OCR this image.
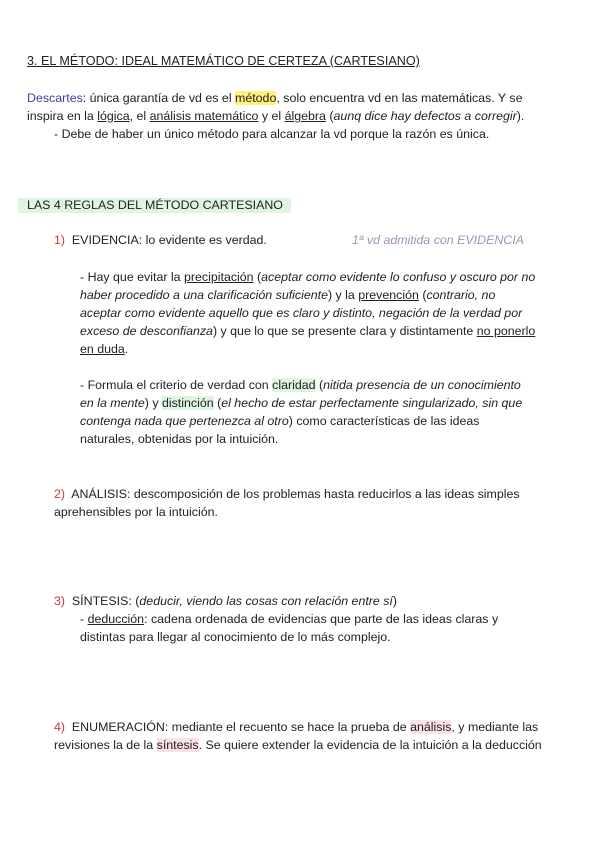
3. EL MÉTODO: IDEAL MATEMÁTICO DE CERTEZA (CARTESIANO)
Descartes: única garantía de vd es el método, solo encuentra vd en las matemáticas. Y se
inspira en la lógica, el análisis matemático y el álgebra (aunq dice hay defectos a corregir).
- Debe de haber un único método para alcanzar la vd porque la razón es única.
LAS 4 REGLAS DEL MÉTODO CARTESIANO
1) EVIDENCIA: lo evidente es verdad.	1ª vd admitida con EVIDENCIA
- Hay que evitar la precipitación (aceptar como evidente lo confuso y oscuro por no
haber procedido a una clarificación suficiente) y la prevención (contrario, no
aceptar como evidente aquello que es claro y distinto, negación de la verdad por
exceso de desconfianza) y que lo que se presente clara y distintamente no ponerlo
en duda.
- Formula el criterio de verdad con claridad (nitida presencia de un conocimiento
en la mente) y distinción (el hecho de estar perfectamente singularizado, sin que
contenga nada que pertenezca al otro) como características de las ideas
naturales, obtenidas por la intuición.
2) ANÁLISIS: descomposición de los problemas hasta reducirlos a las ideas simples
aprehensibles por la intuición.
3) SÍNTESIS: (deducir, viendo las cosas con relación entre sí)
- deducción: cadena ordenada de evidencias que parte de las ideas claras y
distintas para llegar al conocimiento de lo más complejo.
4) ENUMERACIÓN: mediante el recuento se hace la prueba de análisis, y mediante las
revisiones la de la síntesis. Se quiere extender la evidencia de la intuición a la deducción
